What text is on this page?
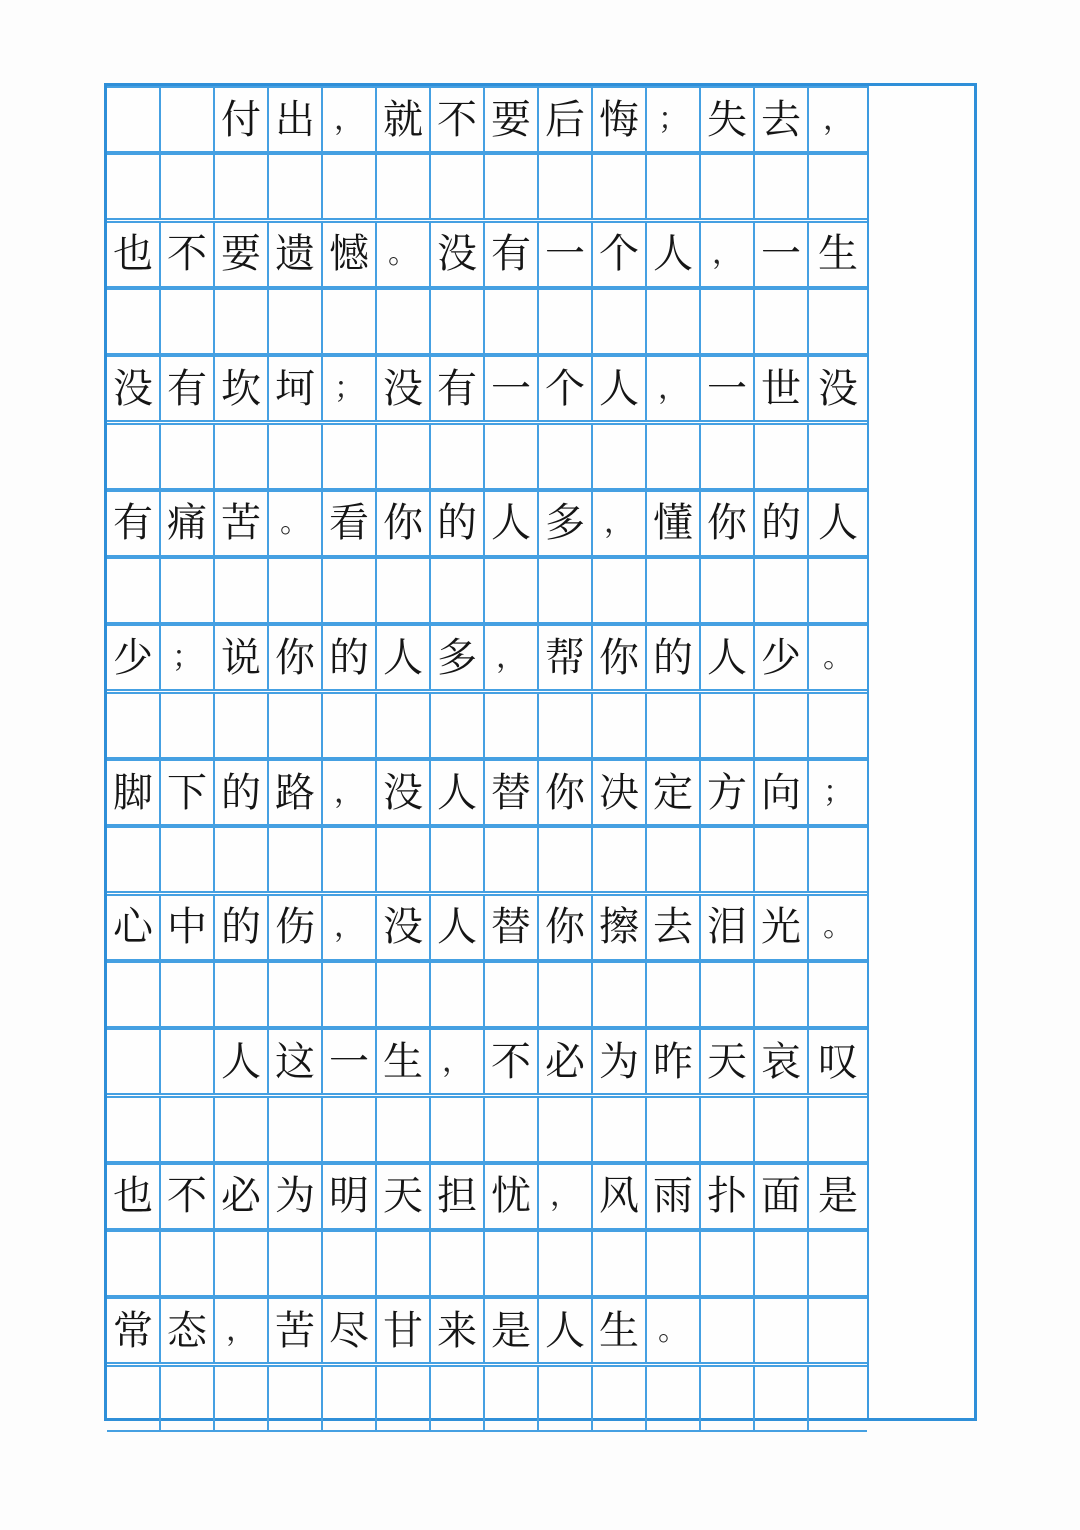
付 出 ， 就 不 要 后 悔 ； 失 去 ，
也 不 要 遗 憾 。 没 有 一 个 人 ， 一 生
没 有 坎 坷 ； 没 有 一 个 人 ， 一 世 没
有 痛 苦 。 看 你 的 人 多 ， 懂 你 的 人
少 ； 说 你 的 人 多 ， 帮 你 的 人 少 。
脚 下 的 路 ， 没 人 替 你 决 定 方 向 ；
心 中 的 伤 ， 没 人 替 你 擦 去 泪 光 。
人 这 一 生 ， 不 必 为 昨 天 哀 叹
也 不 必 为 明 天 担 忧 ， 风 雨 扑 面 是
常 态 ， 苦 尽 甘 来 是 人 生 。
